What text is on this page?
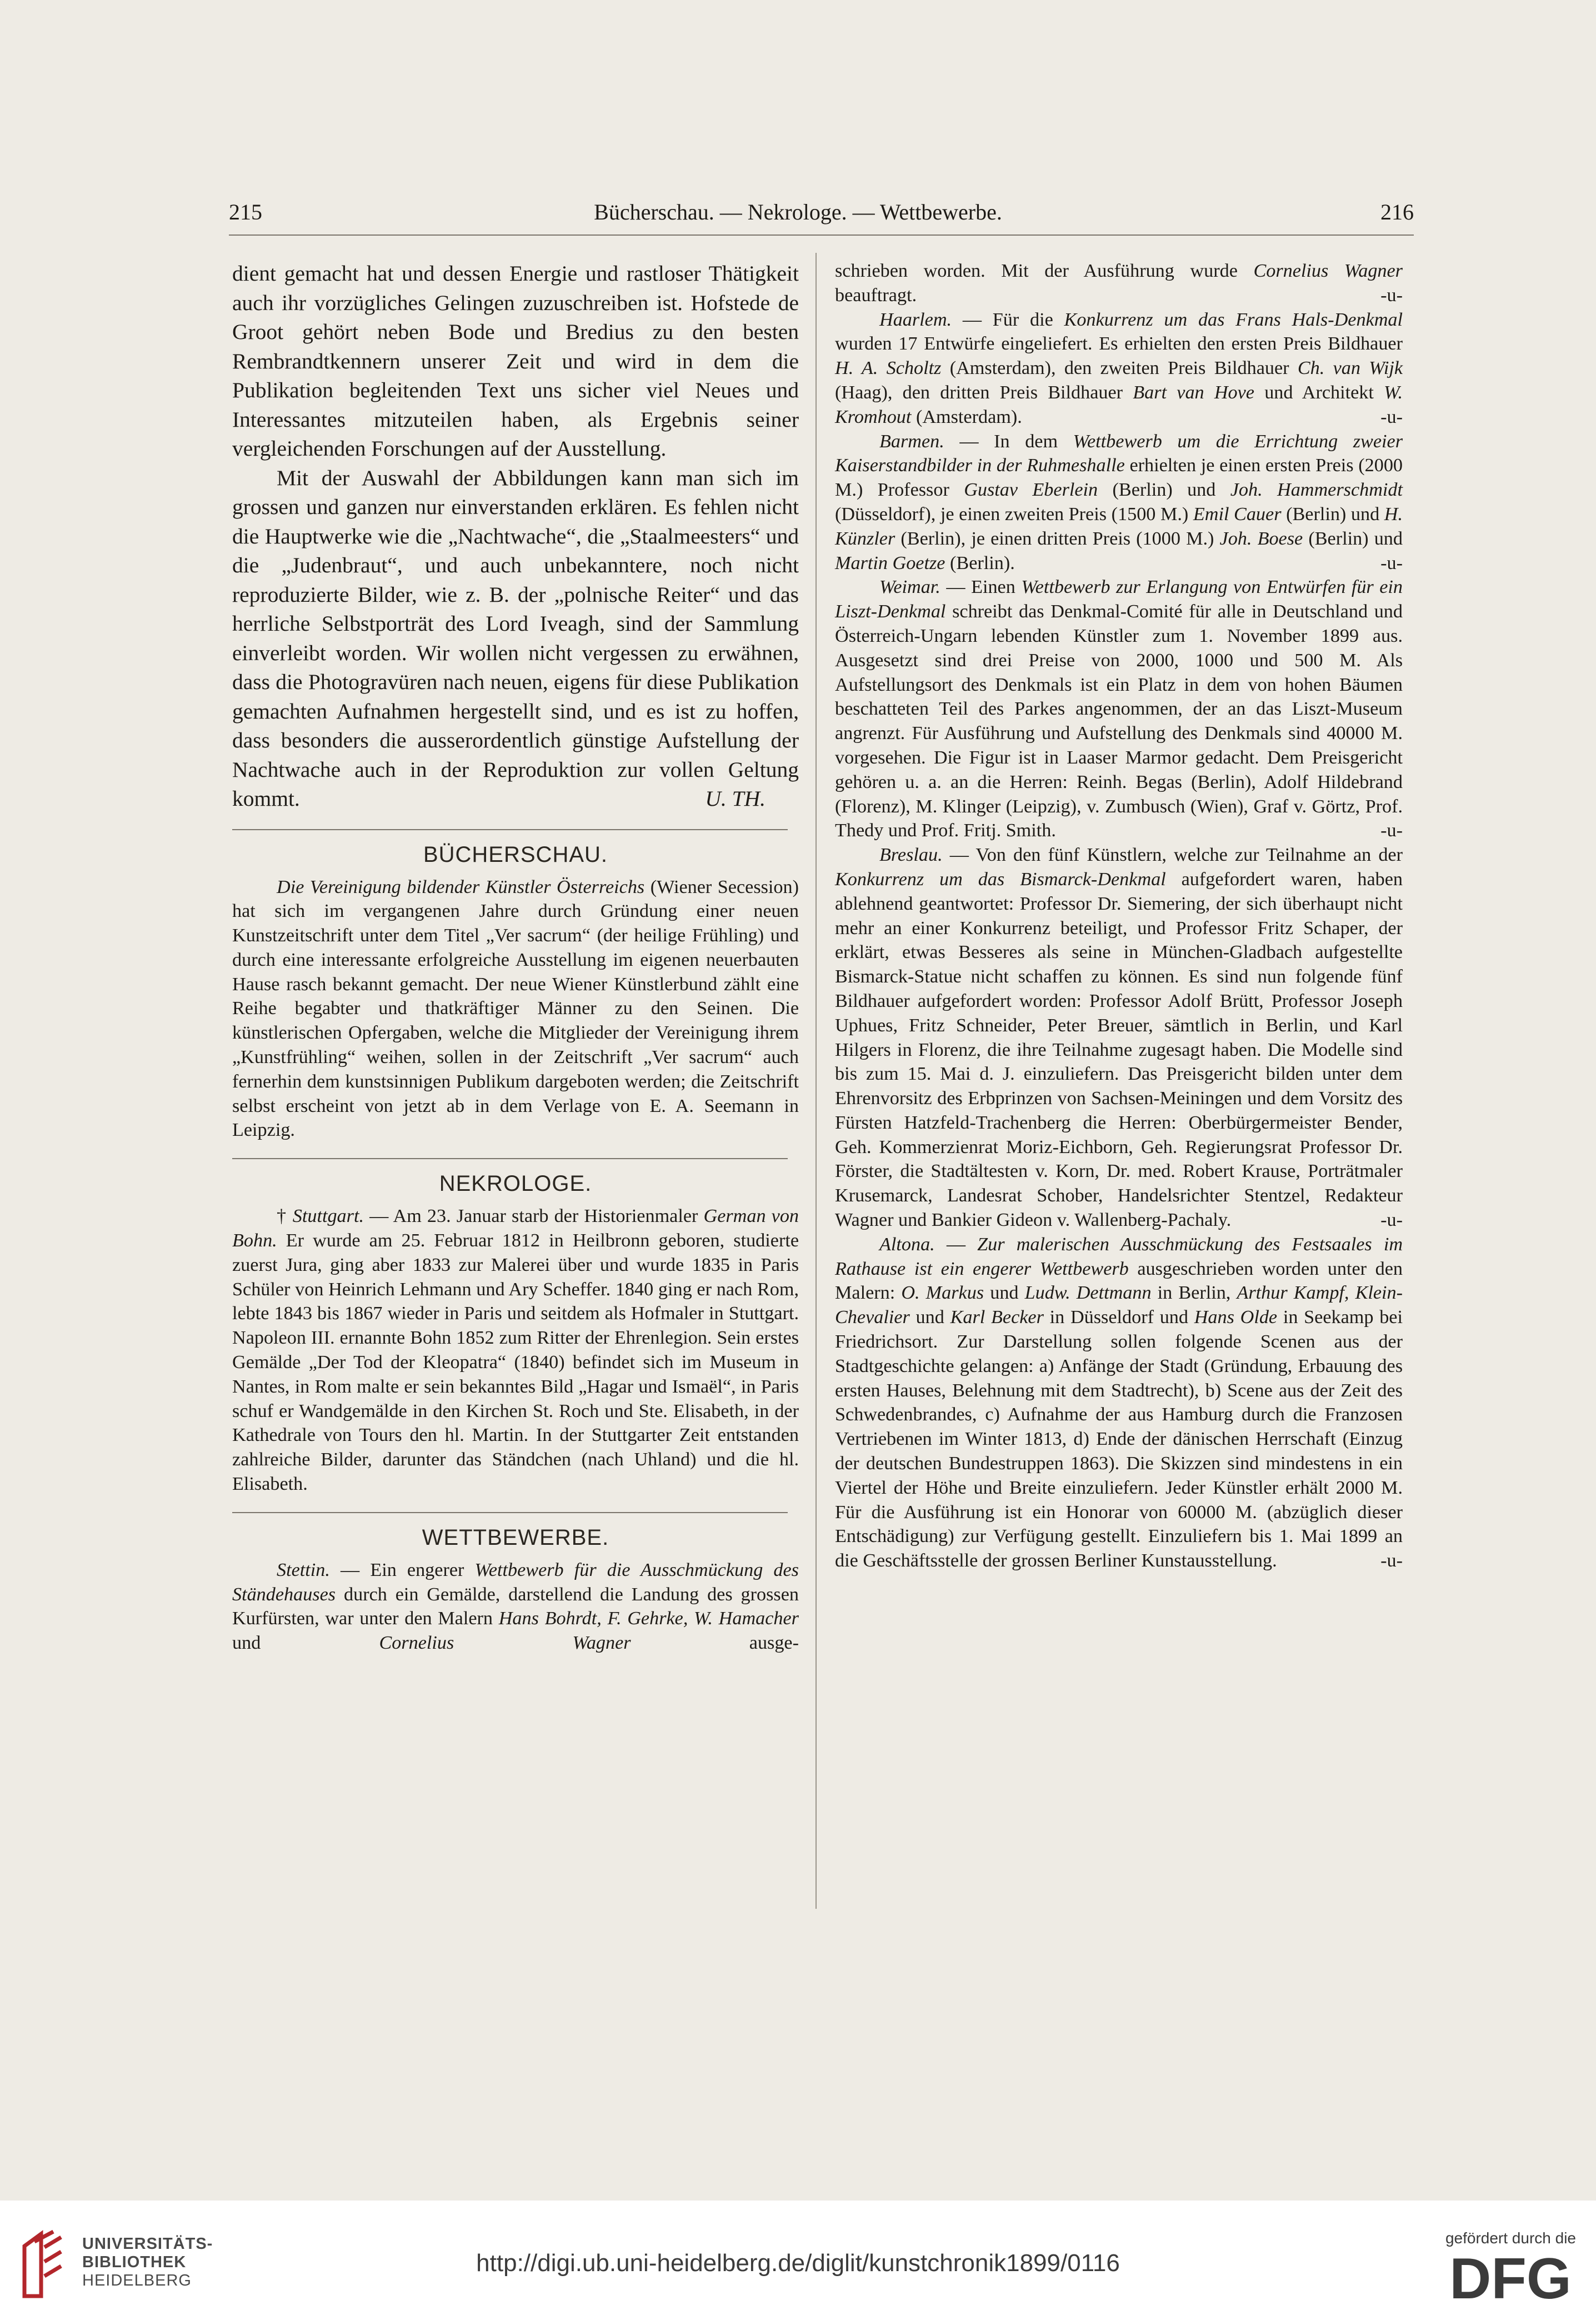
215	Bücherschau. — Nekrologe. — Wettbewerbe.	216

dient gemacht hat und dessen Energie und rastloser Thätigkeit auch ihr vorzügliches Gelingen zuzuschreiben ist. Hofstede de Groot gehört neben Bode und Bredius zu den besten Rembrandtkennern unserer Zeit und wird in dem die Publikation begleitenden Text uns sicher viel Neues und Interessantes mitzuteilen haben, als Ergebnis seiner vergleichenden Forschungen auf der Ausstellung.

Mit der Auswahl der Abbildungen kann man sich im grossen und ganzen nur einverstanden erklären. Es fehlen nicht die Hauptwerke wie die „Nachtwache“, die „Staalmeesters“ und die „Judenbraut“, und auch unbekanntere, noch nicht reproduzierte Bilder, wie z. B. der „polnische Reiter“ und das herrliche Selbstporträt des Lord Iveagh, sind der Sammlung einverleibt worden. Wir wollen nicht vergessen zu erwähnen, dass die Photogravüren nach neuen, eigens für diese Publikation gemachten Aufnahmen hergestellt sind, und es ist zu hoffen, dass besonders die ausserordentlich günstige Aufstellung der Nachtwache auch in der Reproduktion zur vollen Geltung kommt.	U. TH.

BÜCHERSCHAU.

Die Vereinigung bildender Künstler Österreichs (Wiener Secession) hat sich im vergangenen Jahre durch Gründung einer neuen Kunstzeitschrift unter dem Titel „Ver sacrum“ (der heilige Frühling) und durch eine interessante erfolgreiche Ausstellung im eigenen neuerbauten Hause rasch bekannt gemacht. Der neue Wiener Künstlerbund zählt eine Reihe begabter und thatkräftiger Männer zu den Seinen. Die künstlerischen Opfergaben, welche die Mitglieder der Vereinigung ihrem „Kunstfrühling“ weihen, sollen in der Zeitschrift „Ver sacrum“ auch fernerhin dem kunstsinnigen Publikum dargeboten werden; die Zeitschrift selbst erscheint von jetzt ab in dem Verlage von E. A. Seemann in Leipzig.

NEKROLOGE.

† Stuttgart. — Am 23. Januar starb der Historienmaler German von Bohn. Er wurde am 25. Februar 1812 in Heilbronn geboren, studierte zuerst Jura, ging aber 1833 zur Malerei über und wurde 1835 in Paris Schüler von Heinrich Lehmann und Ary Scheffer. 1840 ging er nach Rom, lebte 1843 bis 1867 wieder in Paris und seitdem als Hofmaler in Stuttgart. Napoleon III. ernannte Bohn 1852 zum Ritter der Ehrenlegion. Sein erstes Gemälde „Der Tod der Kleopatra“ (1840) befindet sich im Museum in Nantes, in Rom malte er sein bekanntes Bild „Hagar und Ismaël“, in Paris schuf er Wandgemälde in den Kirchen St. Roch und Ste. Elisabeth, in der Kathedrale von Tours den hl. Martin. In der Stuttgarter Zeit entstanden zahlreiche Bilder, darunter das Ständchen (nach Uhland) und die hl. Elisabeth.

WETTBEWERBE.

Stettin. — Ein engerer Wettbewerb für die Ausschmückung des Ständehauses durch ein Gemälde, darstellend die Landung des grossen Kurfürsten, war unter den Malern Hans Bohrdt, F. Gehrke, W. Hamacher und Cornelius Wagner ausge-

schrieben worden. Mit der Ausführung wurde Cornelius Wagner beauftragt.	-u-

Haarlem. — Für die Konkurrenz um das Frans Hals-Denkmal wurden 17 Entwürfe eingeliefert. Es erhielten den ersten Preis Bildhauer H. A. Scholtz (Amsterdam), den zweiten Preis Bildhauer Ch. van Wijk (Haag), den dritten Preis Bildhauer Bart van Hove und Architekt W. Kromhout (Amsterdam).	-u-

Barmen. — In dem Wettbewerb um die Errichtung zweier Kaiserstandbilder in der Ruhmeshalle erhielten je einen ersten Preis (2000 M.) Professor Gustav Eberlein (Berlin) und Joh. Hammerschmidt (Düsseldorf), je einen zweiten Preis (1500 M.) Emil Cauer (Berlin) und H. Künzler (Berlin), je einen dritten Preis (1000 M.) Joh. Boese (Berlin) und Martin Goetze (Berlin).	-u-

Weimar. — Einen Wettbewerb zur Erlangung von Entwürfen für ein Liszt-Denkmal schreibt das Denkmal-Comité für alle in Deutschland und Österreich-Ungarn lebenden Künstler zum 1. November 1899 aus. Ausgesetzt sind drei Preise von 2000, 1000 und 500 M. Als Aufstellungsort des Denkmals ist ein Platz in dem von hohen Bäumen beschatteten Teil des Parkes angenommen, der an das Liszt-Museum angrenzt. Für Ausführung und Aufstellung des Denkmals sind 40000 M. vorgesehen. Die Figur ist in Laaser Marmor gedacht. Dem Preisgericht gehören u. a. an die Herren: Reinh. Begas (Berlin), Adolf Hildebrand (Florenz), M. Klinger (Leipzig), v. Zumbusch (Wien), Graf v. Görtz, Prof. Thedy und Prof. Fritj. Smith.	-u-

Breslau. — Von den fünf Künstlern, welche zur Teilnahme an der Konkurrenz um das Bismarck-Denkmal aufgefordert waren, haben ablehnend geantwortet: Professor Dr. Siemering, der sich überhaupt nicht mehr an einer Konkurrenz beteiligt, und Professor Fritz Schaper, der erklärt, etwas Besseres als seine in München-Gladbach aufgestellte Bismarck-Statue nicht schaffen zu können. Es sind nun folgende fünf Bildhauer aufgefordert worden: Professor Adolf Brütt, Professor Joseph Uphues, Fritz Schneider, Peter Breuer, sämtlich in Berlin, und Karl Hilgers in Florenz, die ihre Teilnahme zugesagt haben. Die Modelle sind bis zum 15. Mai d. J. einzuliefern. Das Preisgericht bilden unter dem Ehrenvorsitz des Erbprinzen von Sachsen-Meiningen und dem Vorsitz des Fürsten Hatzfeld-Trachenberg die Herren: Oberbürgermeister Bender, Geh. Kommerzienrat Moriz-Eichborn, Geh. Regierungsrat Professor Dr. Förster, die Stadtältesten v. Korn, Dr. med. Robert Krause, Porträtmaler Krusemarck, Landesrat Schober, Handelsrichter Stentzel, Redakteur Wagner und Bankier Gideon v. Wallenberg-Pachaly.	-u-

Altona. — Zur malerischen Ausschmückung des Festsaales im Rathause ist ein engerer Wettbewerb ausgeschrieben worden unter den Malern: O. Markus und Ludw. Dettmann in Berlin, Arthur Kampf, Klein-Chevalier und Karl Becker in Düsseldorf und Hans Olde in Seekamp bei Friedrichsort. Zur Darstellung sollen folgende Scenen aus der Stadtgeschichte gelangen: a) Anfänge der Stadt (Gründung, Erbauung des ersten Hauses, Belehnung mit dem Stadtrecht), b) Scene aus der Zeit des Schwedenbrandes, c) Aufnahme der aus Hamburg durch die Franzosen Vertriebenen im Winter 1813, d) Ende der dänischen Herrschaft (Einzug der deutschen Bundestruppen 1863). Die Skizzen sind mindestens in ein Viertel der Höhe und Breite einzuliefern. Jeder Künstler erhält 2000 M. Für die Ausführung ist ein Honorar von 60000 M. (abzüglich dieser Entschädigung) zur Verfügung gestellt. Einzuliefern bis 1. Mai 1899 an die Geschäftsstelle der grossen Berliner Kunstausstellung.	-u-

UNIVERSITÄTS-
BIBLIOTHEK
HEIDELBERG
http://digi.ub.uni-heidelberg.de/diglit/kunstchronik1899/0116
gefördert durch die
DFG
